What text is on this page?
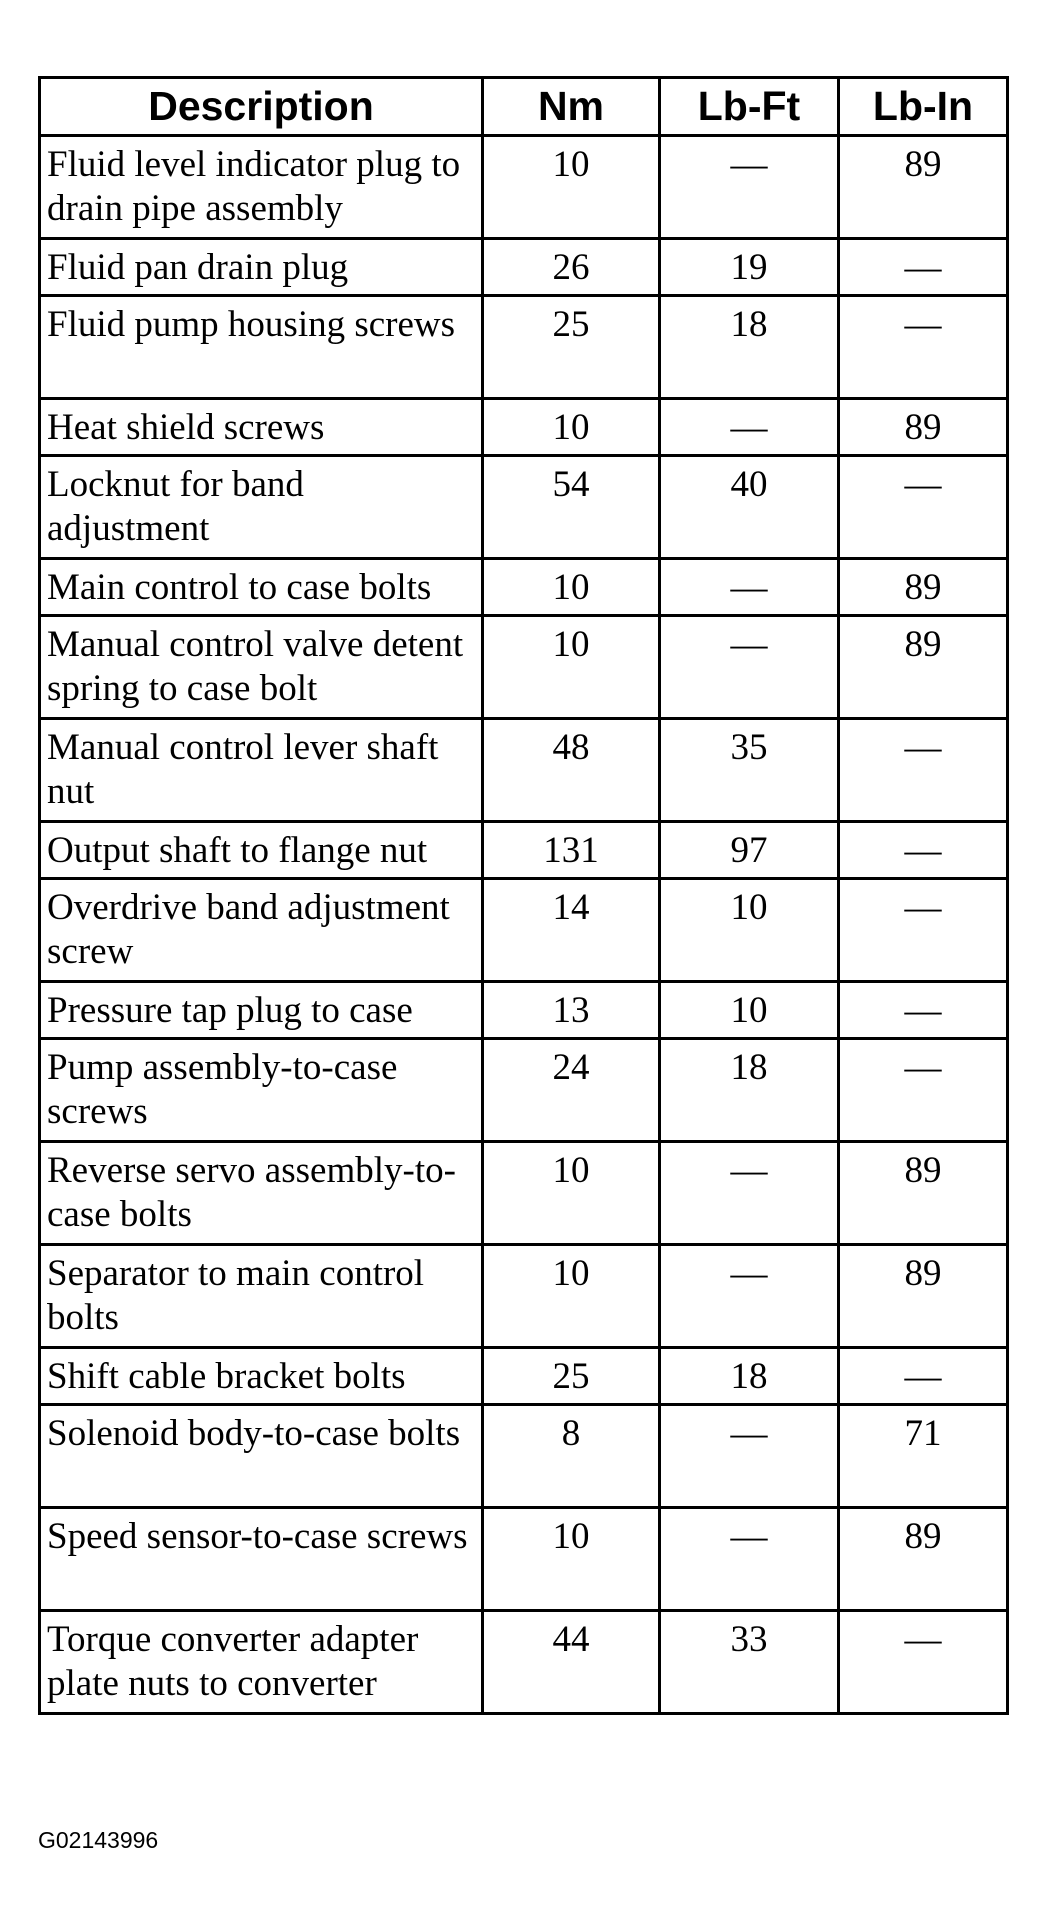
Description	Nm	Lb-Ft	Lb-In
Fluid level indicator plug to drain pipe assembly	10	—	89
Fluid pan drain plug	26	19	—
Fluid pump housing screws	25	18	—
Heat shield screws	10	—	89
Locknut for band adjustment	54	40	—
Main control to case bolts	10	—	89
Manual control valve detent spring to case bolt	10	—	89
Manual control lever shaft nut	48	35	—
Output shaft to flange nut	131	97	—
Overdrive band adjustment screw	14	10	—
Pressure tap plug to case	13	10	—
Pump assembly-to-case screws	24	18	—
Reverse servo assembly-to-case bolts	10	—	89
Separator to main control bolts	10	—	89
Shift cable bracket bolts	25	18	—
Solenoid body-to-case bolts	8	—	71
Speed sensor-to-case screws	10	—	89
Torque converter adapter plate nuts to converter	44	33	—
G02143996
